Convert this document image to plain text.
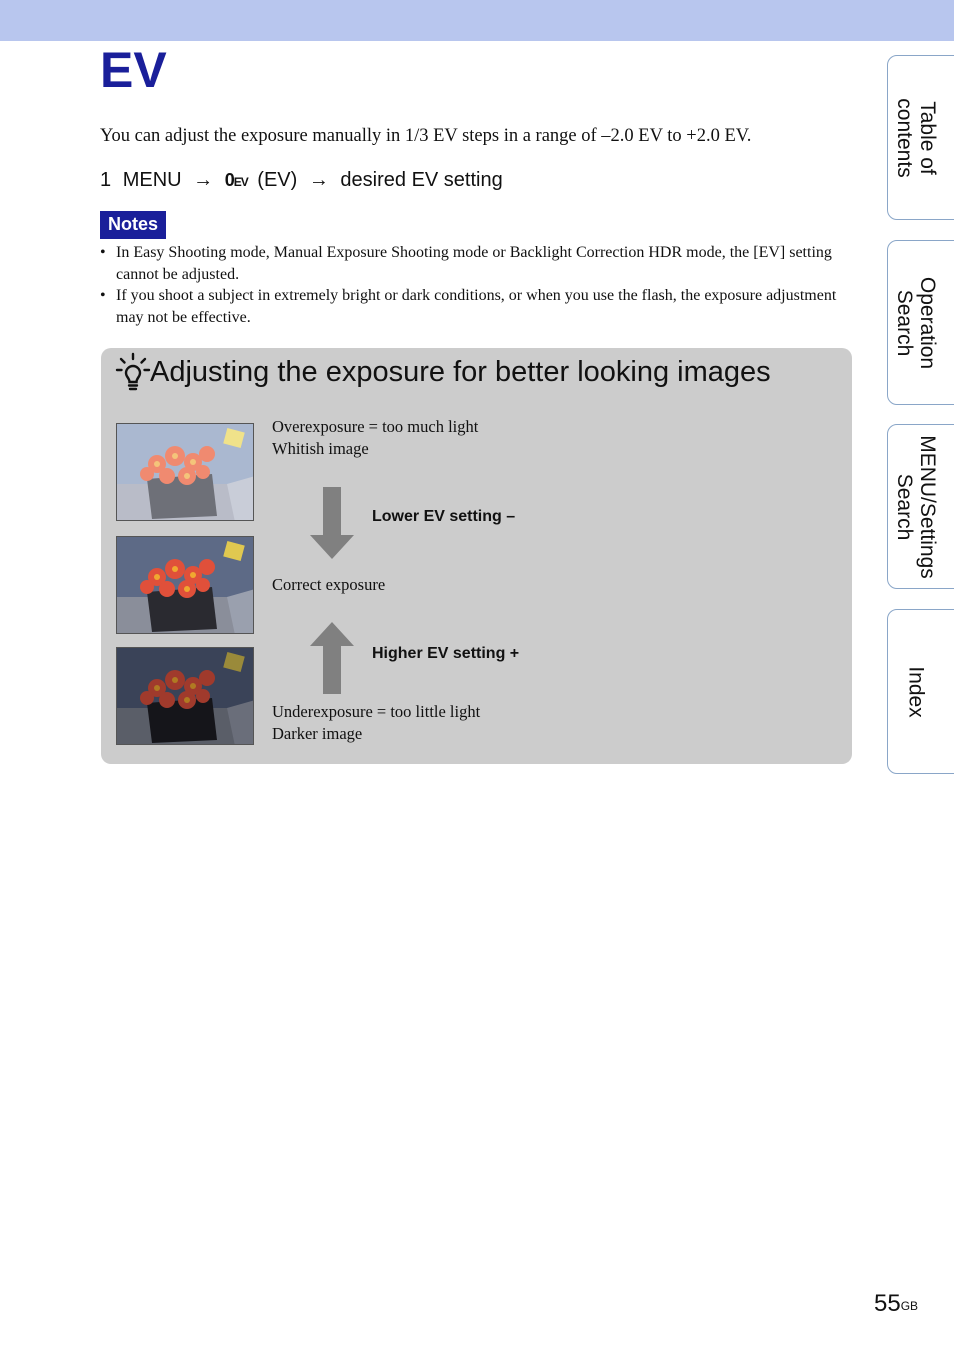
EV
You can adjust the exposure manually in 1/3 EV steps in a range of –2.0 EV to +2.0 EV.
1 MENU → 0EV (EV) → desired EV setting
Notes
• In Easy Shooting mode, Manual Exposure Shooting mode or Backlight Correction HDR mode, the [EV] setting cannot be adjusted.
• If you shoot a subject in extremely bright or dark conditions, or when you use the flash, the exposure adjustment may not be effective.
Adjusting the exposure for better looking images
Overexposure = too much light
Whitish image
Lower EV setting –
Correct exposure
Higher EV setting +
Underexposure = too little light
Darker image
Table of
contents
Operation
Search
MENU/Settings
Search
Index
$55^{GB}$
